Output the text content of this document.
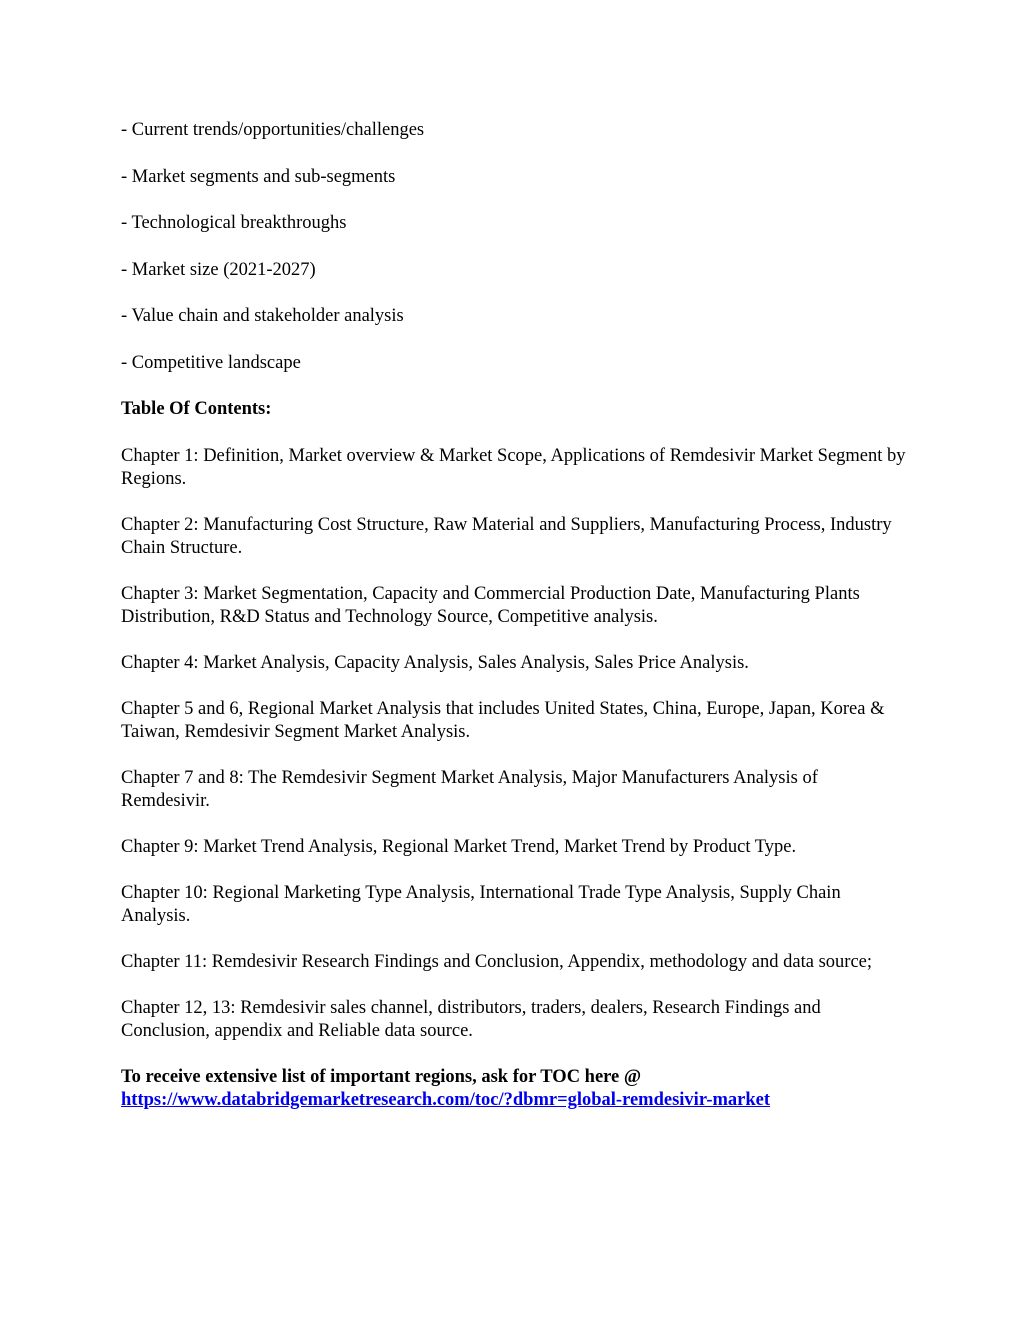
- Current trends/opportunities/challenges
- Market segments and sub-segments
- Technological breakthroughs
- Market size (2021-2027)
- Value chain and stakeholder analysis
- Competitive landscape

Table Of Contents:

Chapter 1: Definition, Market overview & Market Scope, Applications of Remdesivir Market Segment by Regions.
Chapter 2: Manufacturing Cost Structure, Raw Material and Suppliers, Manufacturing Process, Industry Chain Structure.
Chapter 3: Market Segmentation, Capacity and Commercial Production Date, Manufacturing Plants Distribution, R&D Status and Technology Source, Competitive analysis.
Chapter 4: Market Analysis, Capacity Analysis, Sales Analysis, Sales Price Analysis.
Chapter 5 and 6, Regional Market Analysis that includes United States, China, Europe, Japan, Korea & Taiwan, Remdesivir Segment Market Analysis.
Chapter 7 and 8: The Remdesivir Segment Market Analysis, Major Manufacturers Analysis of Remdesivir.
Chapter 9: Market Trend Analysis, Regional Market Trend, Market Trend by Product Type.
Chapter 10: Regional Marketing Type Analysis, International Trade Type Analysis, Supply Chain Analysis.
Chapter 11: Remdesivir Research Findings and Conclusion, Appendix, methodology and data source;
Chapter 12, 13: Remdesivir sales channel, distributors, traders, dealers, Research Findings and Conclusion, appendix and Reliable data source.

To receive extensive list of important regions, ask for TOC here @
https://www.databridgemarketresearch.com/toc/?dbmr=global-remdesivir-market
